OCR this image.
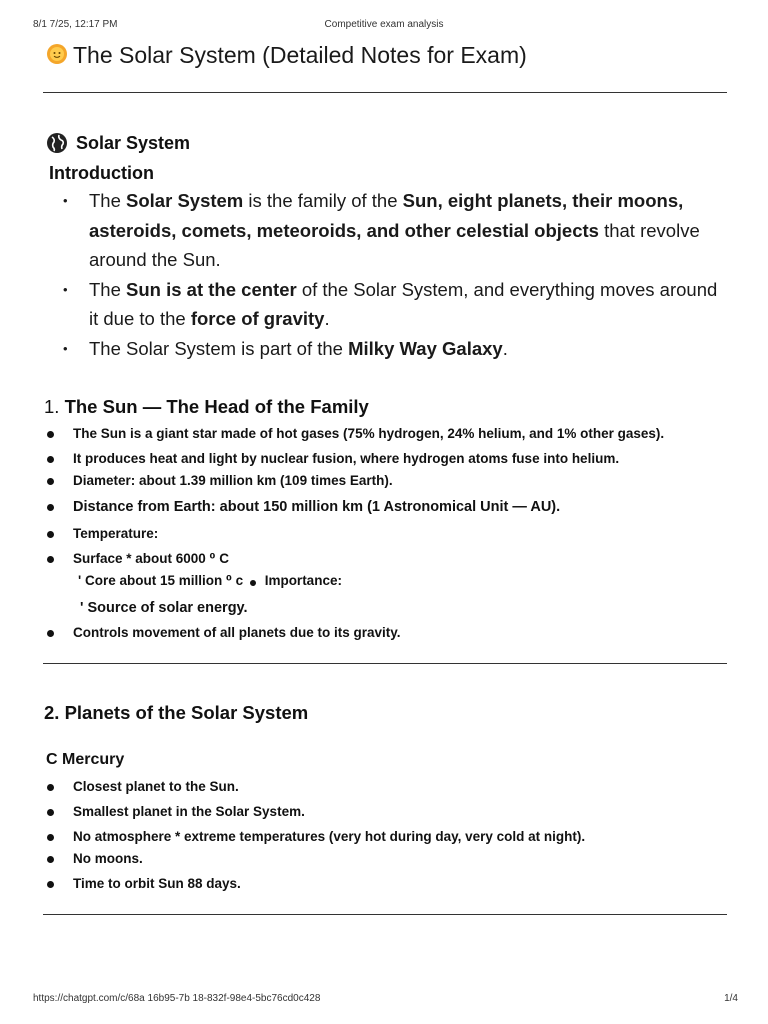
8/1 7/25, 12:17 PM	Competitive exam analysis
The Solar System (Detailed Notes for Exam)
Solar System
Introduction
• The Solar System is the family of the Sun, eight planets, their moons, asteroids, comets, meteoroids, and other celestial objects that revolve around the Sun.
• The Sun is at the center of the Solar System, and everything moves around it due to the force of gravity.
• The Solar System is part of the Milky Way Galaxy.
1. The Sun — The Head of the Family
The Sun is a giant star made of hot gases (75% hydrogen, 24% helium, and 1% other gases).
It produces heat and light by nuclear fusion, where hydrogen atoms fuse into helium.
Diameter: about 1.39 million km (109 times Earth).
Distance from Earth: about 150 million km (1 Astronomical Unit — AU).
Temperature:
Surface * about 6000 ⁰ C
' Core about 15 million ⁰ c Importance:
' Source of solar energy.
Controls movement of all planets due to its gravity.
2. Planets of the Solar System
C Mercury
Closest planet to the Sun.
Smallest planet in the Solar System.
No atmosphere * extreme temperatures (very hot during day, very cold at night).
No moons.
Time to orbit Sun 88 days.
https://chatgpt.com/c/68a 16b95-7b 18-832f-98e4-5bc76cd0c428	1/4
